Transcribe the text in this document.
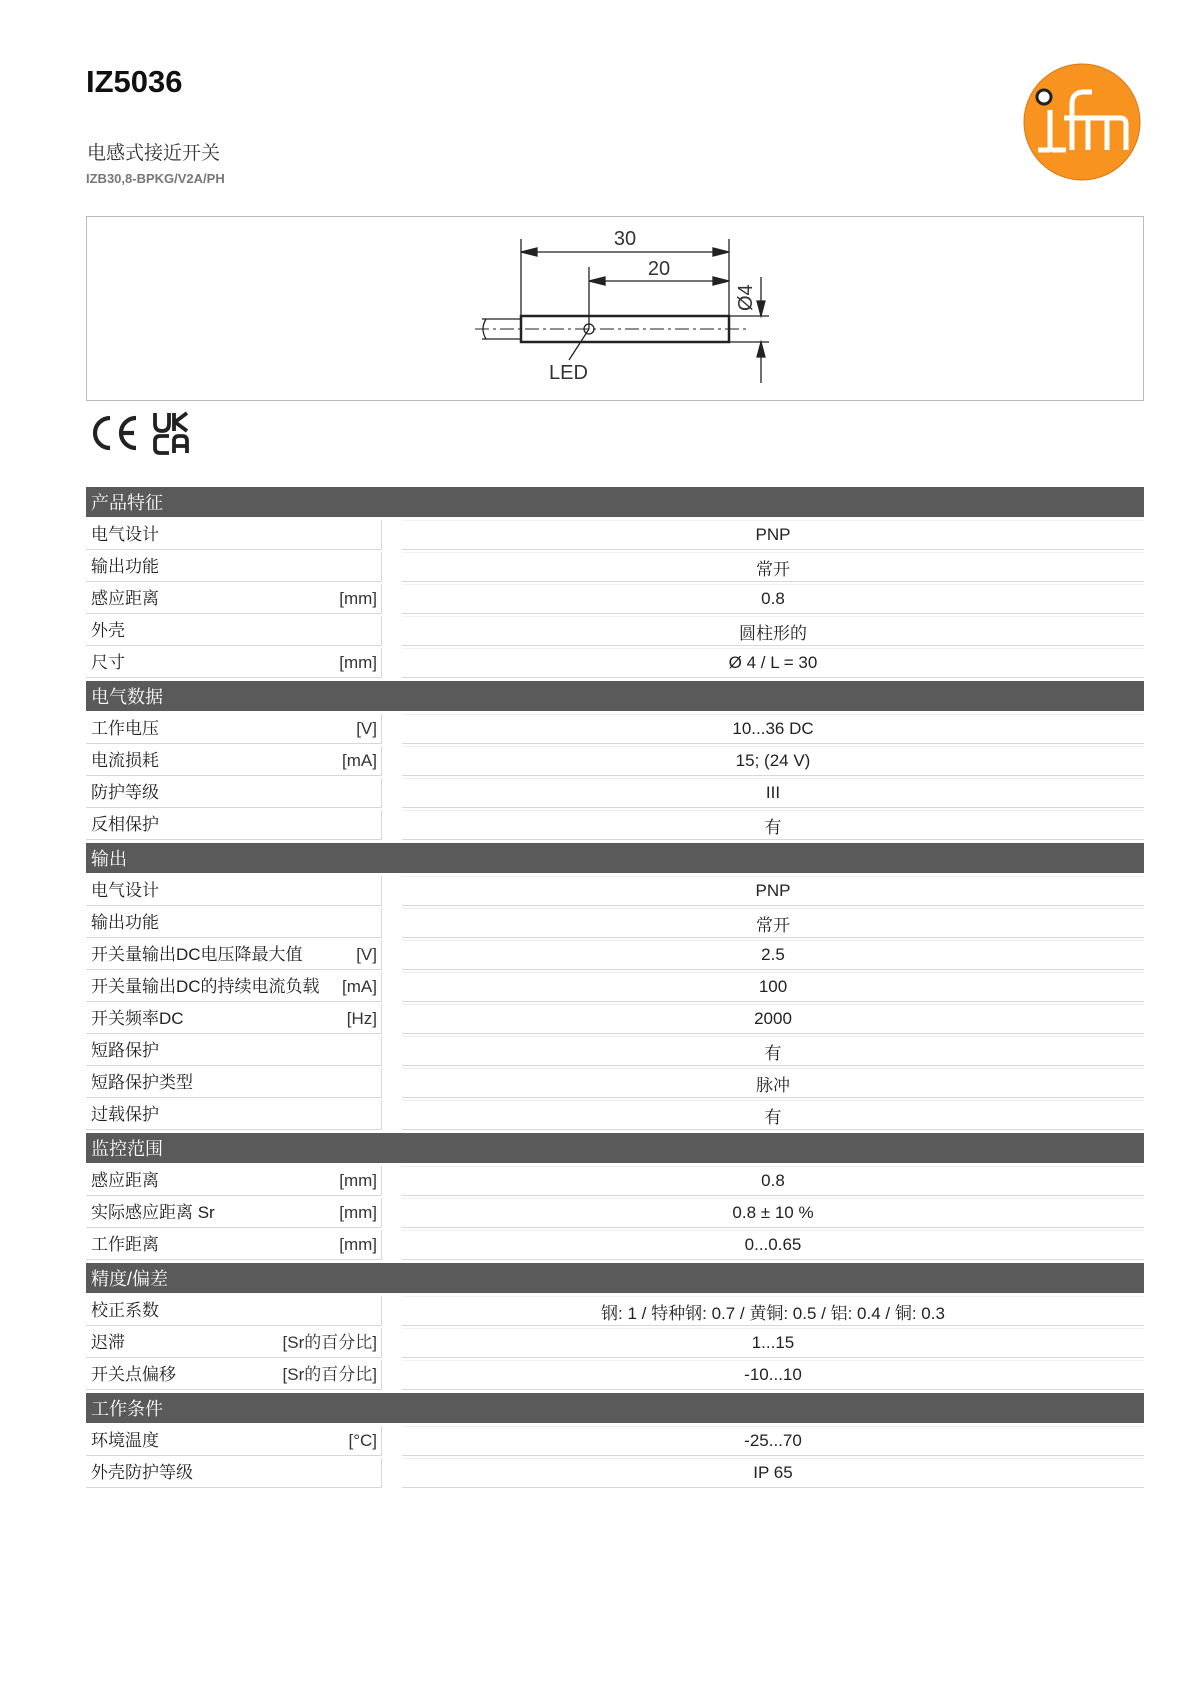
IZ5036
电感式接近开关
IZB30,8-BPKG/V2A/PH
30
20
LED
Ø4
产品特征
电气设计	PNP
输出功能	常开
感应距离	[mm]	0.8
外壳	圆柱形的
尺寸	[mm]	Ø 4 / L = 30
电气数据
工作电压	[V]	10...36 DC
电流损耗	[mA]	15; (24 V)
防护等级	III
反相保护	有
输出
电气设计	PNP
输出功能	常开
开关量输出DC电压降最大值	[V]	2.5
开关量输出DC的持续电流负载	[mA]	100
开关频率DC	[Hz]	2000
短路保护	有
短路保护类型	脉冲
过载保护	有
监控范围
感应距离	[mm]	0.8
实际感应距离 Sr	[mm]	0.8 ± 10 %
工作距离	[mm]	0...0.65
精度/偏差
校正系数	钢: 1 / 特种钢: 0.7 / 黄铜: 0.5 / 铝: 0.4 / 铜: 0.3
迟滞	[Sr的百分比]	1...15
开关点偏移	[Sr的百分比]	-10...10
工作条件
环境温度	[°C]	-25...70
外壳防护等级	IP 65
